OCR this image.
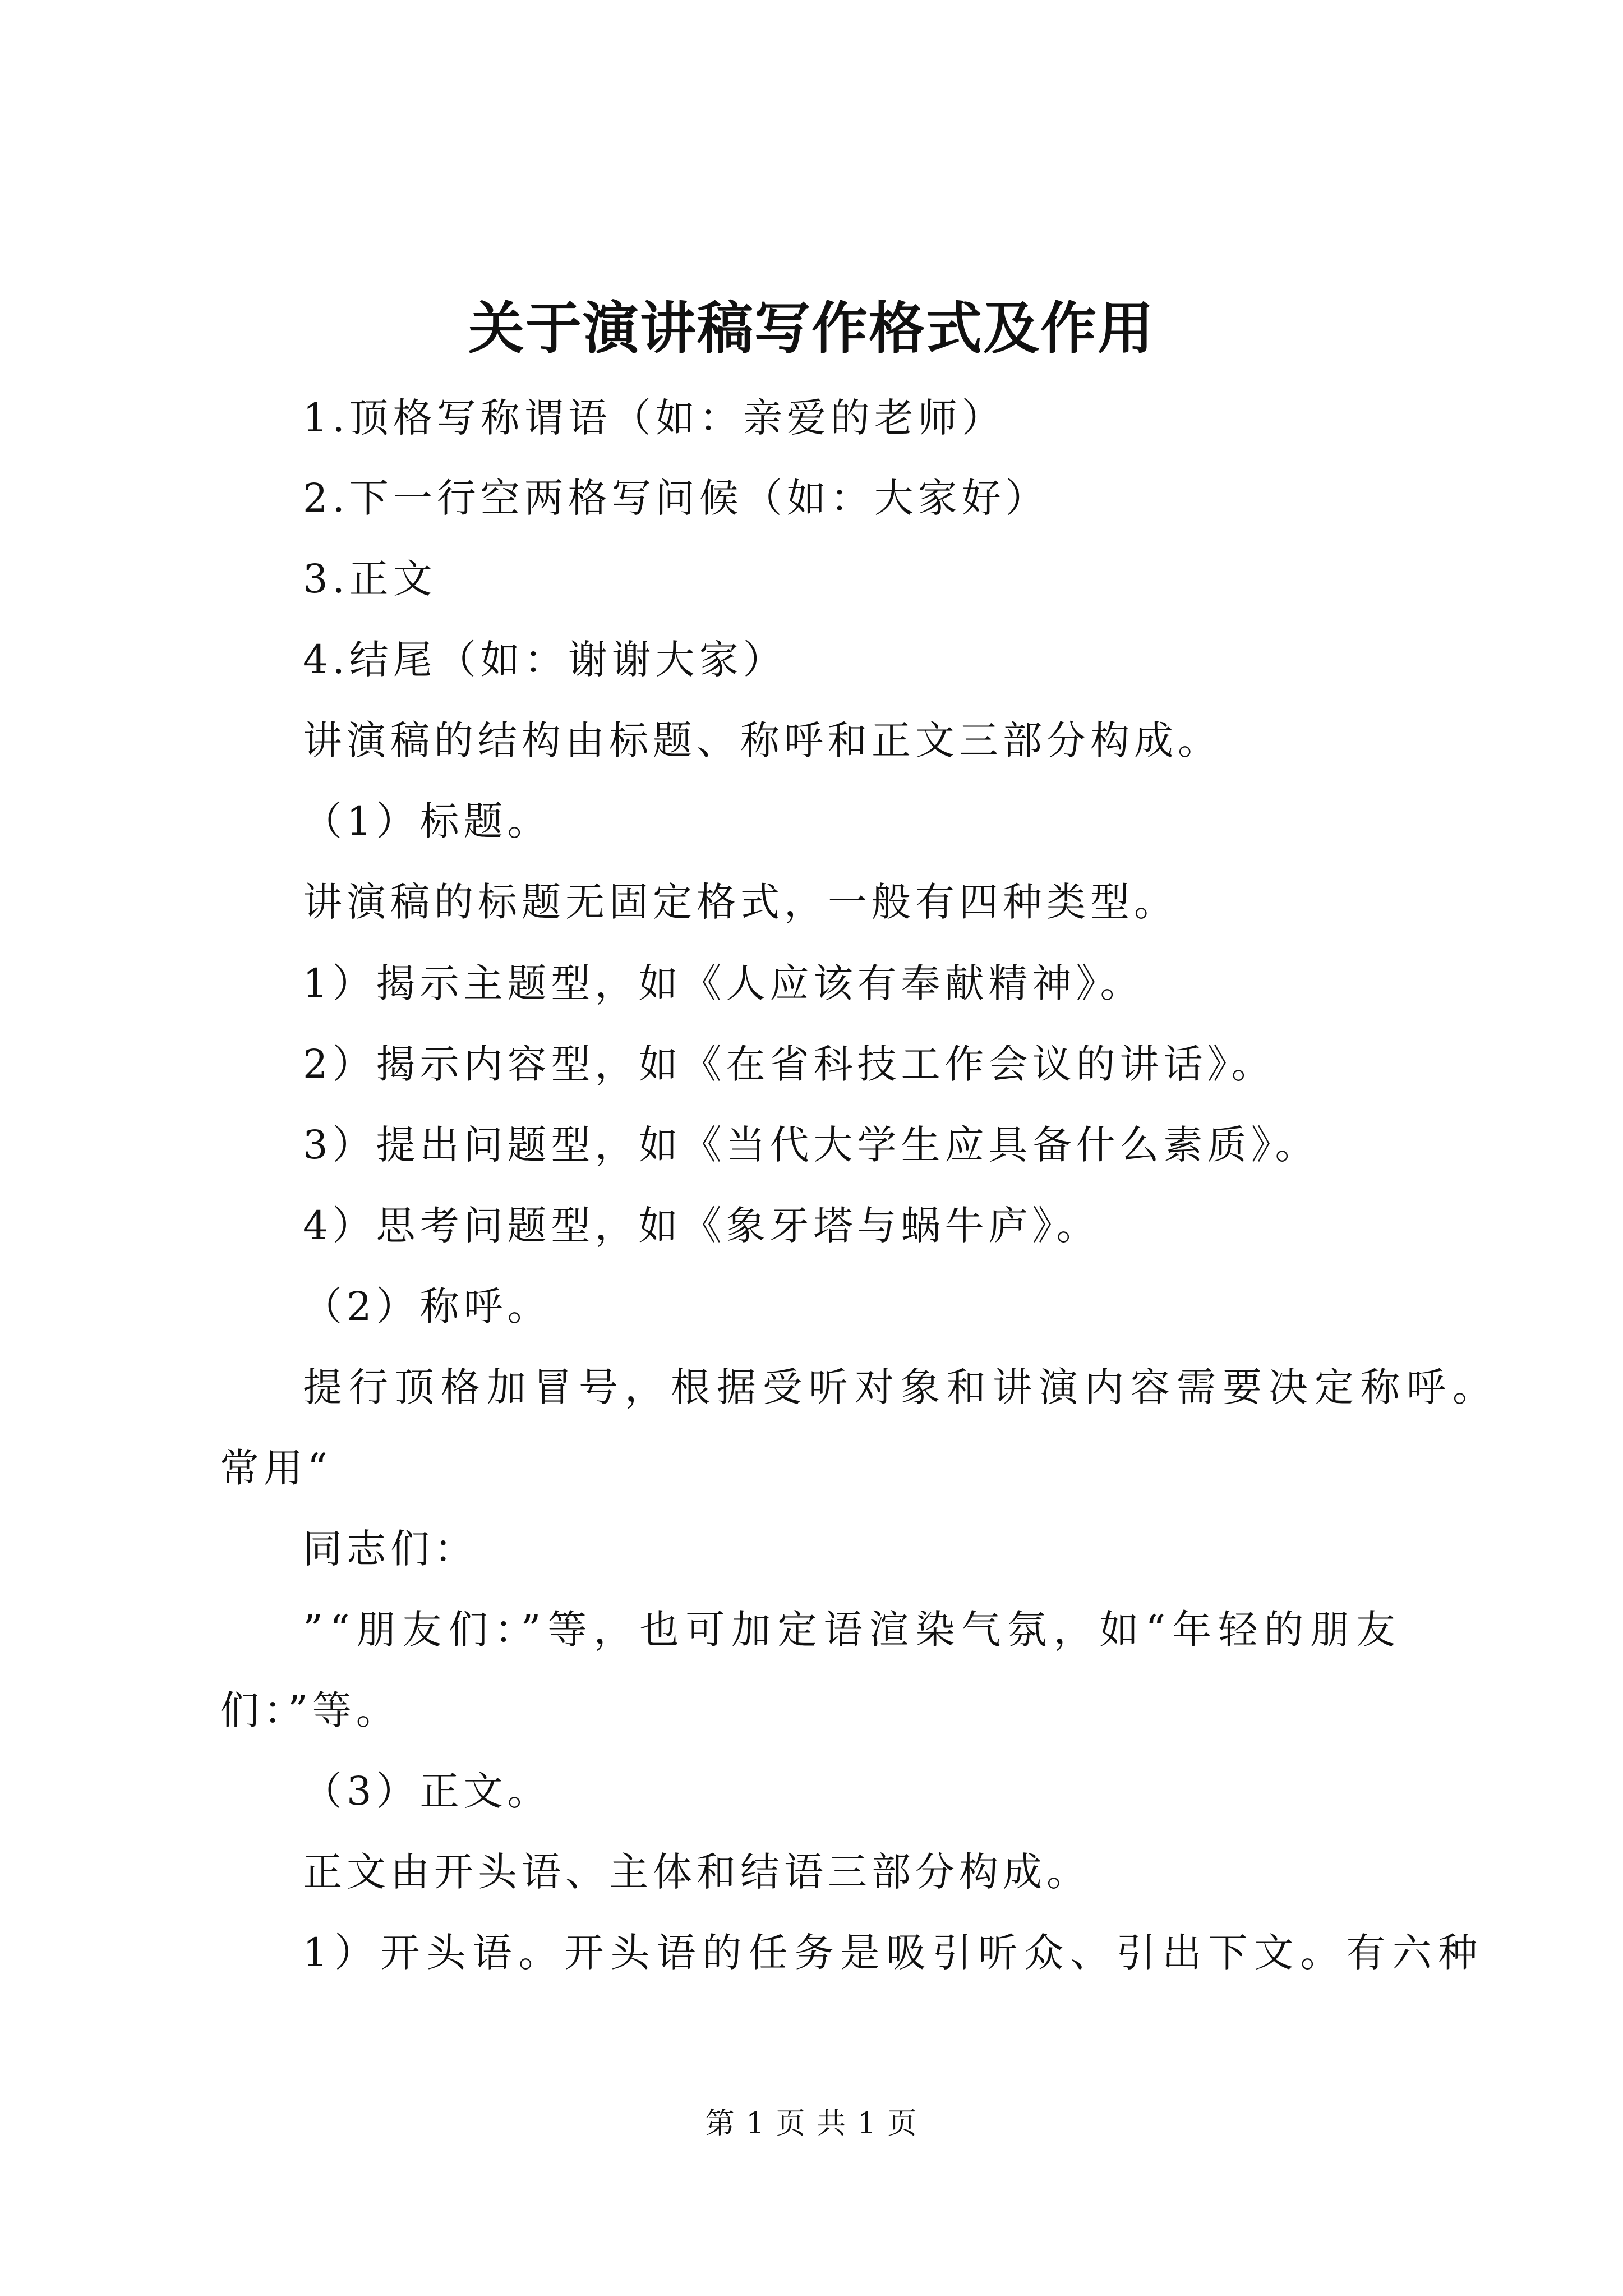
关于演讲稿写作格式及作用
1.顶格写称谓语（如：亲爱的老师）
2.下一行空两格写问候（如：大家好）
3.正文
4.结尾（如：谢谢大家）
讲演稿的结构由标题、称呼和正文三部分构成。
（1）标题。
讲演稿的标题无固定格式，一般有四种类型。
1）揭示主题型，如《人应该有奉献精神》。
2）揭示内容型，如《在省科技工作会议的讲话》。
3）提出问题型，如《当代大学生应具备什么素质》。
4）思考问题型，如《象牙塔与蜗牛庐》。
（2）称呼。
提行顶格加冒号，根据受听对象和讲演内容需要决定称呼。
常用“
同志们：
”“朋友们：”等，也可加定语渲染气氛，如“年轻的朋友
们：”等。
（3）正文。
正文由开头语、主体和结语三部分构成。
1）开头语。开头语的任务是吸引听众、引出下文。有六种
第 1 页 共 1 页
